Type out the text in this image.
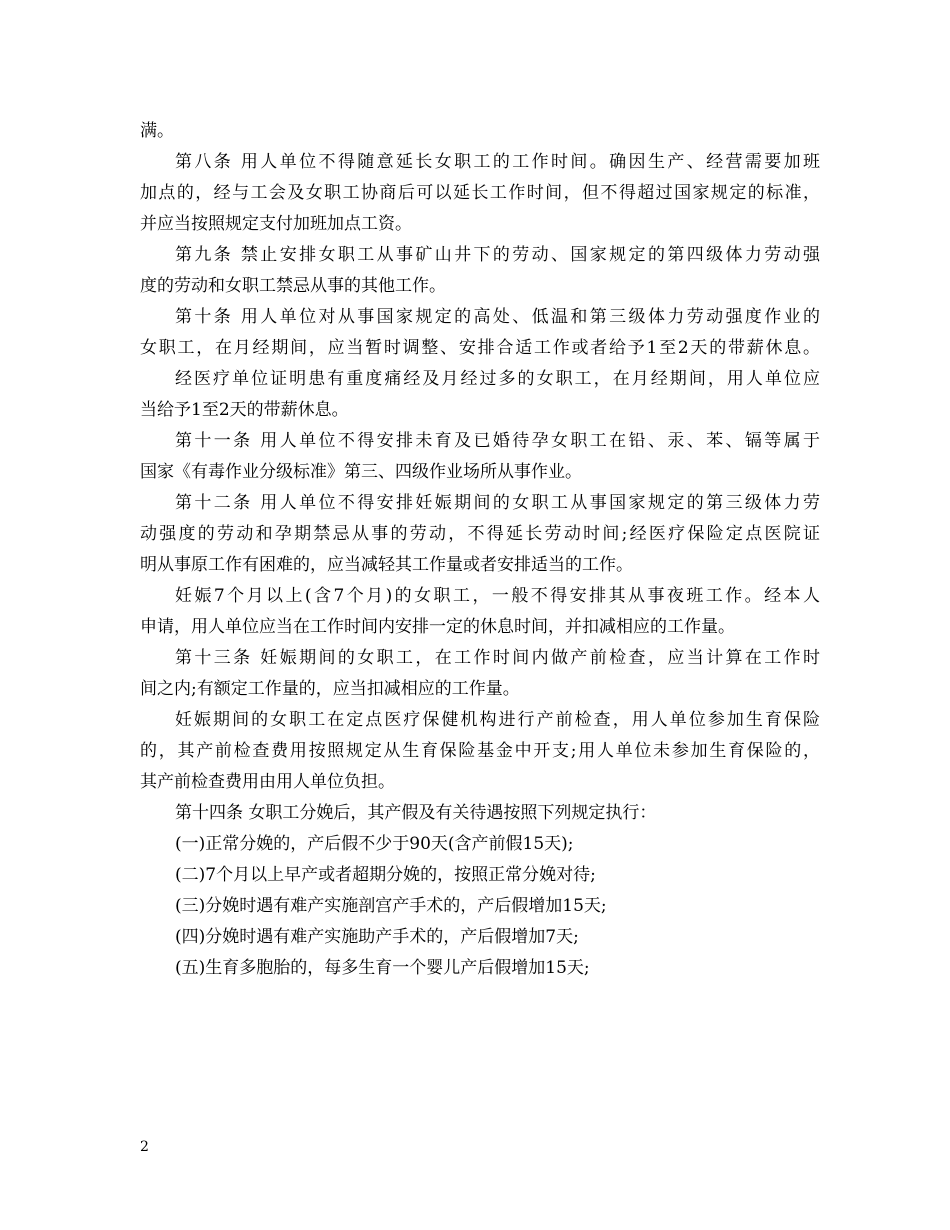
满。
第八条 用人单位不得随意延长女职工的工作时间。确因生产、经营需要加班
加点的，经与工会及女职工协商后可以延长工作时间，但不得超过国家规定的标准，
并应当按照规定支付加班加点工资。
第九条 禁止安排女职工从事矿山井下的劳动、国家规定的第四级体力劳动强
度的劳动和女职工禁忌从事的其他工作。
第十条 用人单位对从事国家规定的高处、低温和第三级体力劳动强度作业的
女职工，在月经期间，应当暂时调整、安排合适工作或者给予1至2天的带薪休息。
经医疗单位证明患有重度痛经及月经过多的女职工，在月经期间，用人单位应
当给予1至2天的带薪休息。
第十一条 用人单位不得安排未育及已婚待孕女职工在铅、汞、苯、镉等属于
国家《有毒作业分级标准》第三、四级作业场所从事作业。
第十二条 用人单位不得安排妊娠期间的女职工从事国家规定的第三级体力劳
动强度的劳动和孕期禁忌从事的劳动，不得延长劳动时间;经医疗保险定点医院证
明从事原工作有困难的，应当减轻其工作量或者安排适当的工作。
妊娠7个月以上(含7个月)的女职工，一般不得安排其从事夜班工作。经本人
申请，用人单位应当在工作时间内安排一定的休息时间，并扣减相应的工作量。
第十三条 妊娠期间的女职工，在工作时间内做产前检查，应当计算在工作时
间之内;有额定工作量的，应当扣减相应的工作量。
妊娠期间的女职工在定点医疗保健机构进行产前检查，用人单位参加生育保险
的，其产前检查费用按照规定从生育保险基金中开支;用人单位未参加生育保险的，
其产前检查费用由用人单位负担。
第十四条 女职工分娩后，其产假及有关待遇按照下列规定执行：
(一)正常分娩的，产后假不少于90天(含产前假15天);
(二)7个月以上早产或者超期分娩的，按照正常分娩对待;
(三)分娩时遇有难产实施剖宫产手术的，产后假增加15天;
(四)分娩时遇有难产实施助产手术的，产后假增加7天;
(五)生育多胞胎的，每多生育一个婴儿产后假增加15天;
2
